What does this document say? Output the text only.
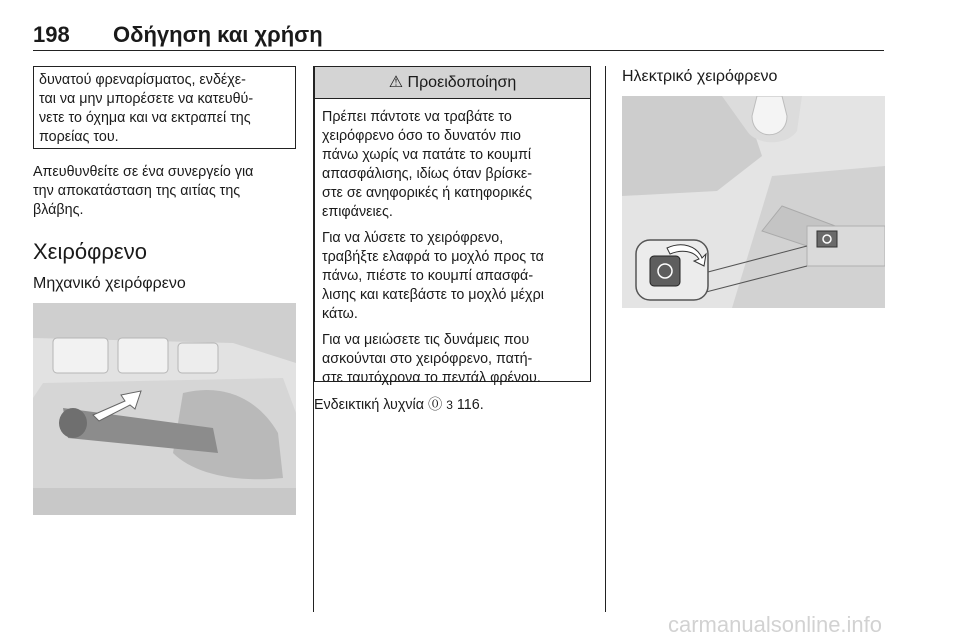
198 Οδήγηση και χρήση
δυνατού φρεναρίσματος, ενδέχε-
ται να μην μπορέσετε να κατευθύ-
νετε το όχημα και να εκτραπεί της
πορείας του.
Απευθυνθείτε σε ένα συνεργείο για
την αποκατάσταση της αιτίας της
βλάβης.
Χειρόφρενο
Μηχανικό χειρόφρενο
⚠ Προειδοποίηση
Πρέπει πάντοτε να τραβάτε το
χειρόφρενο όσο το δυνατόν πιο
πάνω χωρίς να πατάτε το κουμπί
απασφάλισης, ιδίως όταν βρίσκε-
στε σε ανηφορικές ή κατηφορικές
επιφάνειες.
Για να λύσετε το χειρόφρενο,
τραβήξτε ελαφρά το μοχλό προς τα
πάνω, πιέστε το κουμπί απασφά-
λισης και κατεβάστε το μοχλό μέχρι
κάτω.
Για να μειώσετε τις δυνάμεις που
ασκούνται στο χειρόφρενο, πατή-
στε ταυτόχρονα το πεντάλ φρένου.
Ενδεικτική λυχνία ⓪ 3 116.
Ηλεκτρικό χειρόφρενο
carmanualsonline.info
